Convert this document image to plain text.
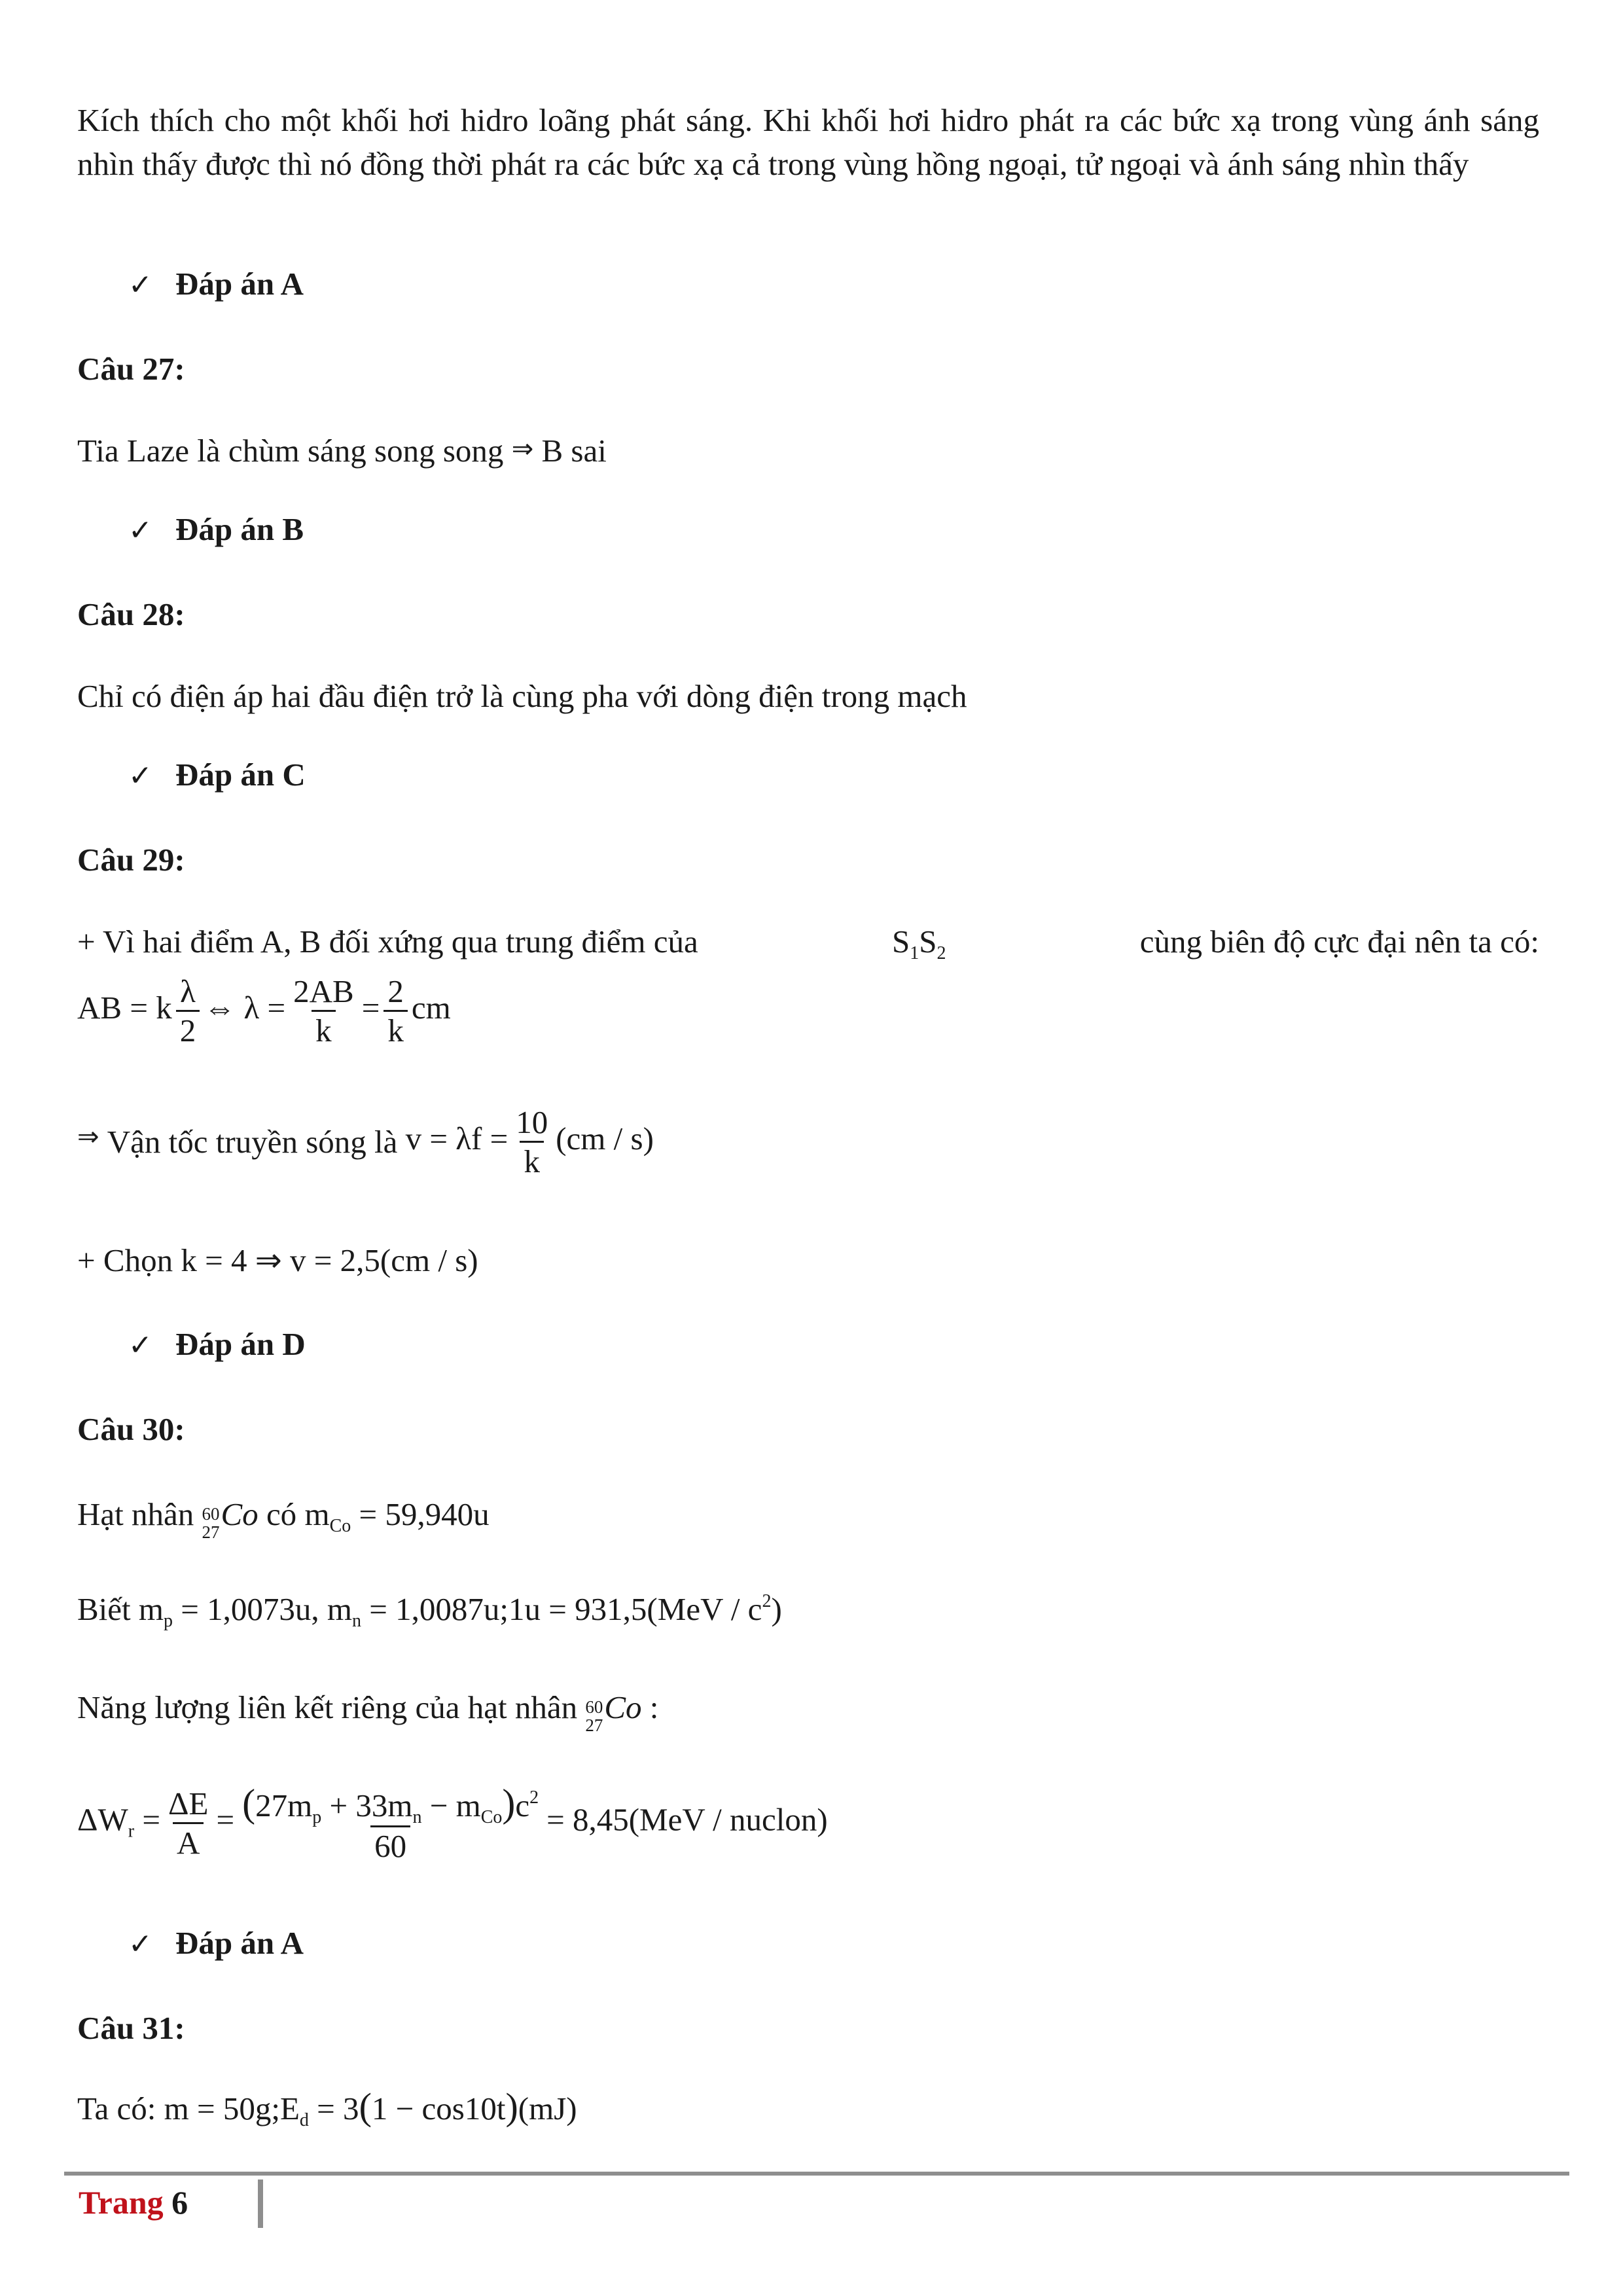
Kích thích cho một khối hơi hidro loãng phát sáng. Khi khối hơi hidro phát ra các bức xạ trong vùng ánh sáng nhìn thấy được thì nó đồng thời phát ra các bức xạ cả trong vùng hồng ngoại, tử ngoại và ánh sáng nhìn thấy
✓ Đáp án A
Câu 27:
Tia Laze là chùm sáng song song ⇒ B sai
✓ Đáp án B
Câu 28:
Chỉ có điện áp hai đầu điện trở là cùng pha với dòng điện trong mạch
✓ Đáp án C
Câu 29:
+ Vì hai điểm A, B đối xứng qua trung điểm của	$S_1S_2$	cùng biên độ cực đại nên ta có:
AB = k $\frac{\lambda}{2}$ ⇔ $\lambda = \frac{2AB}{k} = \frac{2}{k}$ cm
⇒ Vận tốc truyền sóng là $v = \lambda f = \frac{10}{k} (cm / s)$
+ Chọn k = 4 ⇒ v = 2,5(cm / s)
✓ Đáp án D
Câu 30:
Hạt nhân 60
27 Co có $m_{Co} = 59,940u$
Biết $m_p = 1,0073u$, $m_n$ = 1,0087u;1u = $931,5(MeV / c^2)$
Năng lượng liên kết riêng của hạt nhân 60
27 Co :
$\Delta W_r = \frac{\Delta E}{A} = \frac{(27m_p + 33m_n - m_{Co})c^2}{60} = 8,45(MeV$ / nuclon)
✓ Đáp án A
Câu 31:
Ta có: $m = 50g;E_d = 3(1 - \cos 10t)(mJ)$
Trang 6
